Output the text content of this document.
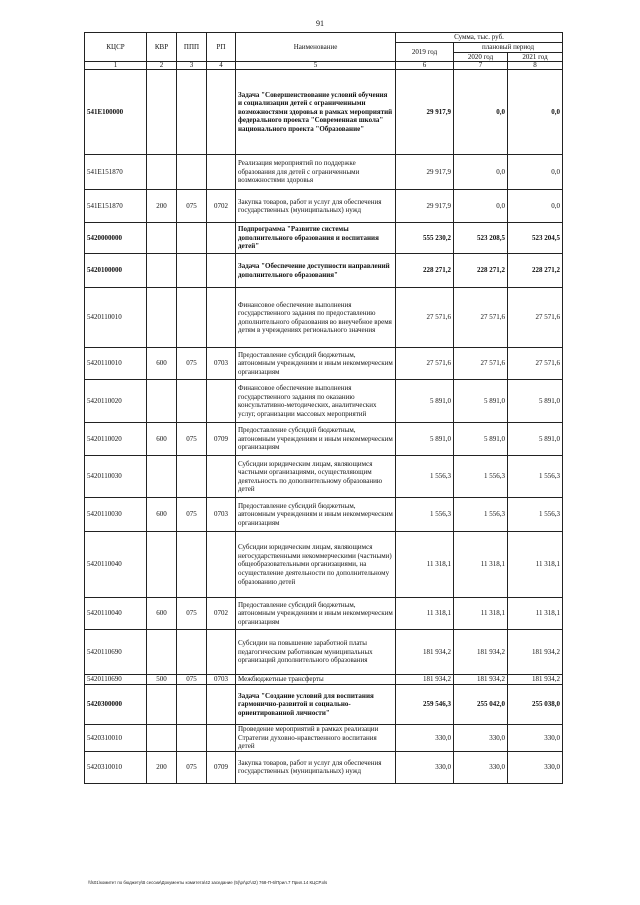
91
КЦСР	КВР	ППП	РП	Наименование	Сумма, тыс. руб.		
					2019 год	плановый период	
						2020 год	2021 год
1	2	3	4	5	6	7	8
541E100000				Задача "Совершенствование условий обучения и социализации детей с ограниченными возможностями здоровья в рамках мероприятий федерального проекта "Современная школа" национального проекта "Образование"	29 917,9	0,0	0,0
541E151870				Реализация мероприятий по поддержке образования для детей с ограниченными возможностями здоровья	29 917,9	0,0	0,0
541E151870	200	075	0702	Закупка товаров, работ и услуг для обеспечения государственных (муниципальных) нужд	29 917,9	0,0	0,0
5420000000				Подпрограмма "Развитие системы дополнительного образования и воспитания детей"	555 230,2	523 208,5	523 204,5
5420100000				Задача "Обеспечение доступности направлений дополнительного образования"	228 271,2	228 271,2	228 271,2
5420110010				Финансовое обеспечение выполнения государственного задания по предоставлению дополнительного образования во внеучебное время детям в учреждениях регионального значения	27 571,6	27 571,6	27 571,6
5420110010	600	075	0703	Предоставление субсидий бюджетным, автономным учреждениям и иным некоммерческим организациям	27 571,6	27 571,6	27 571,6
5420110020				Финансовое обеспечение выполнения государственного задания по оказанию консультативно-методических, аналитических услуг, организации массовых мероприятий	5 891,0	5 891,0	5 891,0
5420110020	600	075	0709	Предоставление субсидий бюджетным, автономным учреждениям и иным некоммерческим организациям	5 891,0	5 891,0	5 891,0
5420110030				Субсидии юридическим лицам, являющимся частными организациями, осуществляющим деятельность по дополнительному образованию детей	1 556,3	1 556,3	1 556,3
5420110030	600	075	0703	Предоставление субсидий бюджетным, автономным учреждениям и иным некоммерческим организациям	1 556,3	1 556,3	1 556,3
5420110040				Субсидии юридическим лицам, являющимся негосударственными некоммерческими (частными) общеобразовательными организациями, на осуществление деятельности по дополнительному образованию детей	11 318,1	11 318,1	11 318,1
5420110040	600	075	0702	Предоставление субсидий бюджетным, автономным учреждениям и иным некоммерческим организациям	11 318,1	11 318,1	11 318,1
5420110690				Субсидии на повышение заработной платы педагогическим работникам муниципальных организаций дополнительного образования	181 934,2	181 934,2	181 934,2
5420110690	500	075	0703	Межбюджетные трансферты	181 934,2	181 934,2	181 934,2
5420300000				Задача "Создание условий для воспитания гармонично-развитой и социально-ориентированной личности"	259 546,3	255 042,0	255 038,0
5420310010				Проведение мероприятий в рамках реализации Стратегии духовно-нравственного воспитания детей	330,0	330,0	330,0
5420310010	200	075	0709	Закупка товаров, работ и услуг для обеспечения государственных (муниципальных) нужд	330,0	330,0	330,0
\\fs01\комитет по бюджету\В сессии\Документы комитета\42 заседание (5)\pr\pz\42) 768-П-6\Прил.7 Прил.14 КЦСР.xls
